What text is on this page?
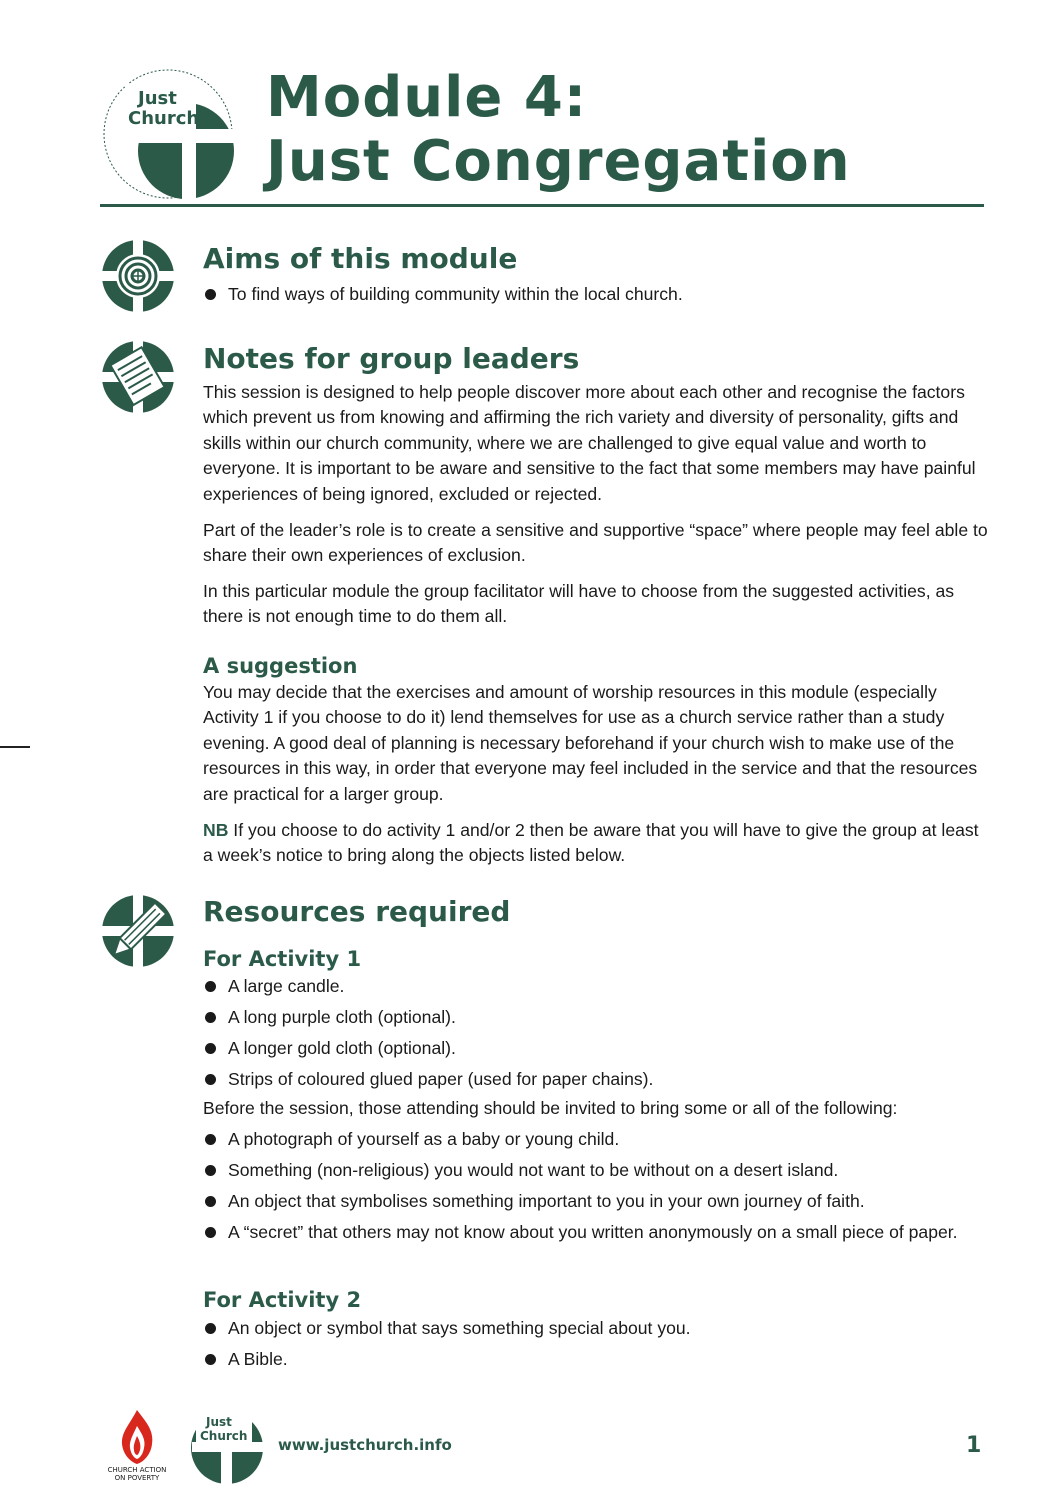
Just
Church Module 4:
Just Congregation
Aims of this module
To find ways of building community within the local church.
Notes for group leaders

This session is designed to help people discover more about each other and recognise the factors which prevent us from knowing and affirming the rich variety and diversity of personality, gifts and skills within our church community, where we are challenged to give equal value and worth to everyone. It is important to be aware and sensitive to the fact that some members may have painful experiences of being ignored, excluded or rejected.

Part of the leader’s role is to create a sensitive and supportive “space” where people may feel able to share their own experiences of exclusion.

In this particular module the group facilitator will have to choose from the suggested activities, as there is not enough time to do them all.

A suggestion

You may decide that the exercises and amount of worship resources in this module (especially Activity 1 if you choose to do it) lend themselves for use as a church service rather than a study evening. A good deal of planning is necessary beforehand if your church wish to make use of the resources in this way, in order that everyone may feel included in the service and that the resources are practical for a larger group.

NB If you choose to do activity 1 and/or 2 then be aware that you will have to give the group at least a week’s notice to bring along the objects listed below.

Resources required
For Activity 1
A large candle.
A long purple cloth (optional).
A longer gold cloth (optional).
Strips of coloured glued paper (used for paper chains).

Before the session, those attending should be invited to bring some or all of the following:

A photograph of yourself as a baby or young child.
Something (non-religious) you would not want to be without on a desert island.
An object that symbolises something important to you in your own journey of faith.
A “secret” that others may not know about you written anonymously on a small piece of paper.
For Activity 2
An object or symbol that says something special about you.
A Bible.
CHURCH ACTION
ON POVERTY
Just
Church www.justchurch.info	1
